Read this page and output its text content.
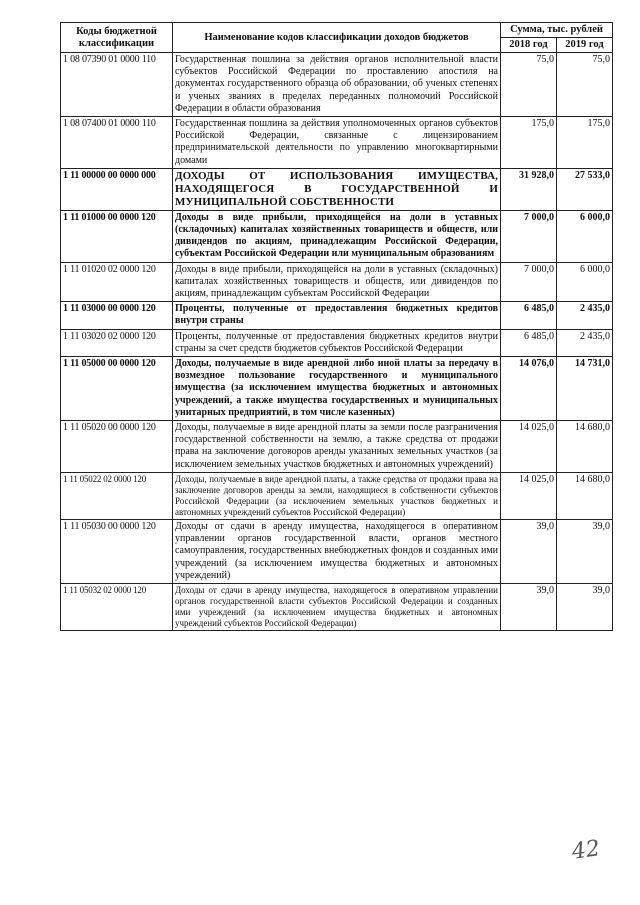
Коды бюджетной классификации	Наименование кодов классификации доходов бюджетов	Сумма, тыс. рублей	
		2018 год	2019 год
1 08 07390 01 0000 110	Государственная пошлина за действия органов исполнительной власти субъектов Российской Федерации по проставлению апостиля на документах государственного образца об образовании, об ученых степенях и ученых званиях в пределах переданных полномочий Российской Федерации в области образования	75,0	75,0
1 08 07400 01 0000 110	Государственная пошлина за действия уполномоченных органов субъектов Российской Федерации, связанные с лицензированием предпринимательской деятельности по управлению многоквартирными домами	175,0	175,0
1 11 00000 00 0000 000	ДОХОДЫ ОТ ИСПОЛЬЗОВАНИЯ ИМУЩЕСТВА, НАХОДЯЩЕГОСЯ В ГОСУДАРСТВЕННОЙ И МУНИЦИПАЛЬНОЙ СОБСТВЕННОСТИ	31 928,0	27 533,0
1 11 01000 00 0000 120	Доходы в виде прибыли, приходящейся на доли в уставных (складочных) капиталах хозяйственных товариществ и обществ, или дивидендов по акциям, принадлежащим Российской Федерации, субъектам Российской Федерации или муниципальным образованиям	7 000,0	6 000,0
1 11 01020 02 0000 120	Доходы в виде прибыли, приходящейся на доли в уставных (складочных) капиталах хозяйственных товариществ и обществ, или дивидендов по акциям, принадлежащим субъектам Российской Федерации	7 000,0	6 000,0
1 11 03000 00 0000 120	Проценты, полученные от предоставления бюджетных кредитов внутри страны	6 485,0	2 435,0
1 11 03020 02 0000 120	Проценты, полученные от предоставления бюджетных кредитов внутри страны за счет средств бюджетов субъектов Российской Федерации	6 485,0	2 435,0
1 11 05000 00 0000 120	Доходы, получаемые в виде арендной либо иной платы за передачу в возмездное пользование государственного и муниципального имущества (за исключением имущества бюджетных и автономных учреждений, а также имущества государственных и муниципальных унитарных предприятий, в том числе казенных)	14 076,0	14 731,0
1 11 05020 00 0000 120	Доходы, получаемые в виде арендной платы за земли после разграничения государственной собственности на землю, а также средства от продажи права на заключение договоров аренды указанных земельных участков (за исключением земельных участков бюджетных и автономных учреждений)	14 025,0	14 680,0
1 11 05022 02 0000 120	Доходы, получаемые в виде арендной платы, а также средства от продажи права на заключение договоров аренды за земли, находящиеся в собственности субъектов Российской Федерации (за исключением земельных участков бюджетных и автономных учреждений субъектов Российской Федерации)	14 025,0	14 680,0
1 11 05030 00 0000 120	Доходы от сдачи в аренду имущества, находящегося в оперативном управлении органов государственной власти, органов местного самоуправления, государственных внебюджетных фондов и созданных ими учреждений (за исключением имущества бюджетных и автономных учреждений)	39,0	39,0
1 11 05032 02 0000 120	Доходы от сдачи в аренду имущества, находящегося в оперативном управлении органов государственной власти субъектов Российской Федерации и созданных ими учреждений (за исключением имущества бюджетных и автономных учреждений субъектов Российской Федерации)	39,0	39,0
42
